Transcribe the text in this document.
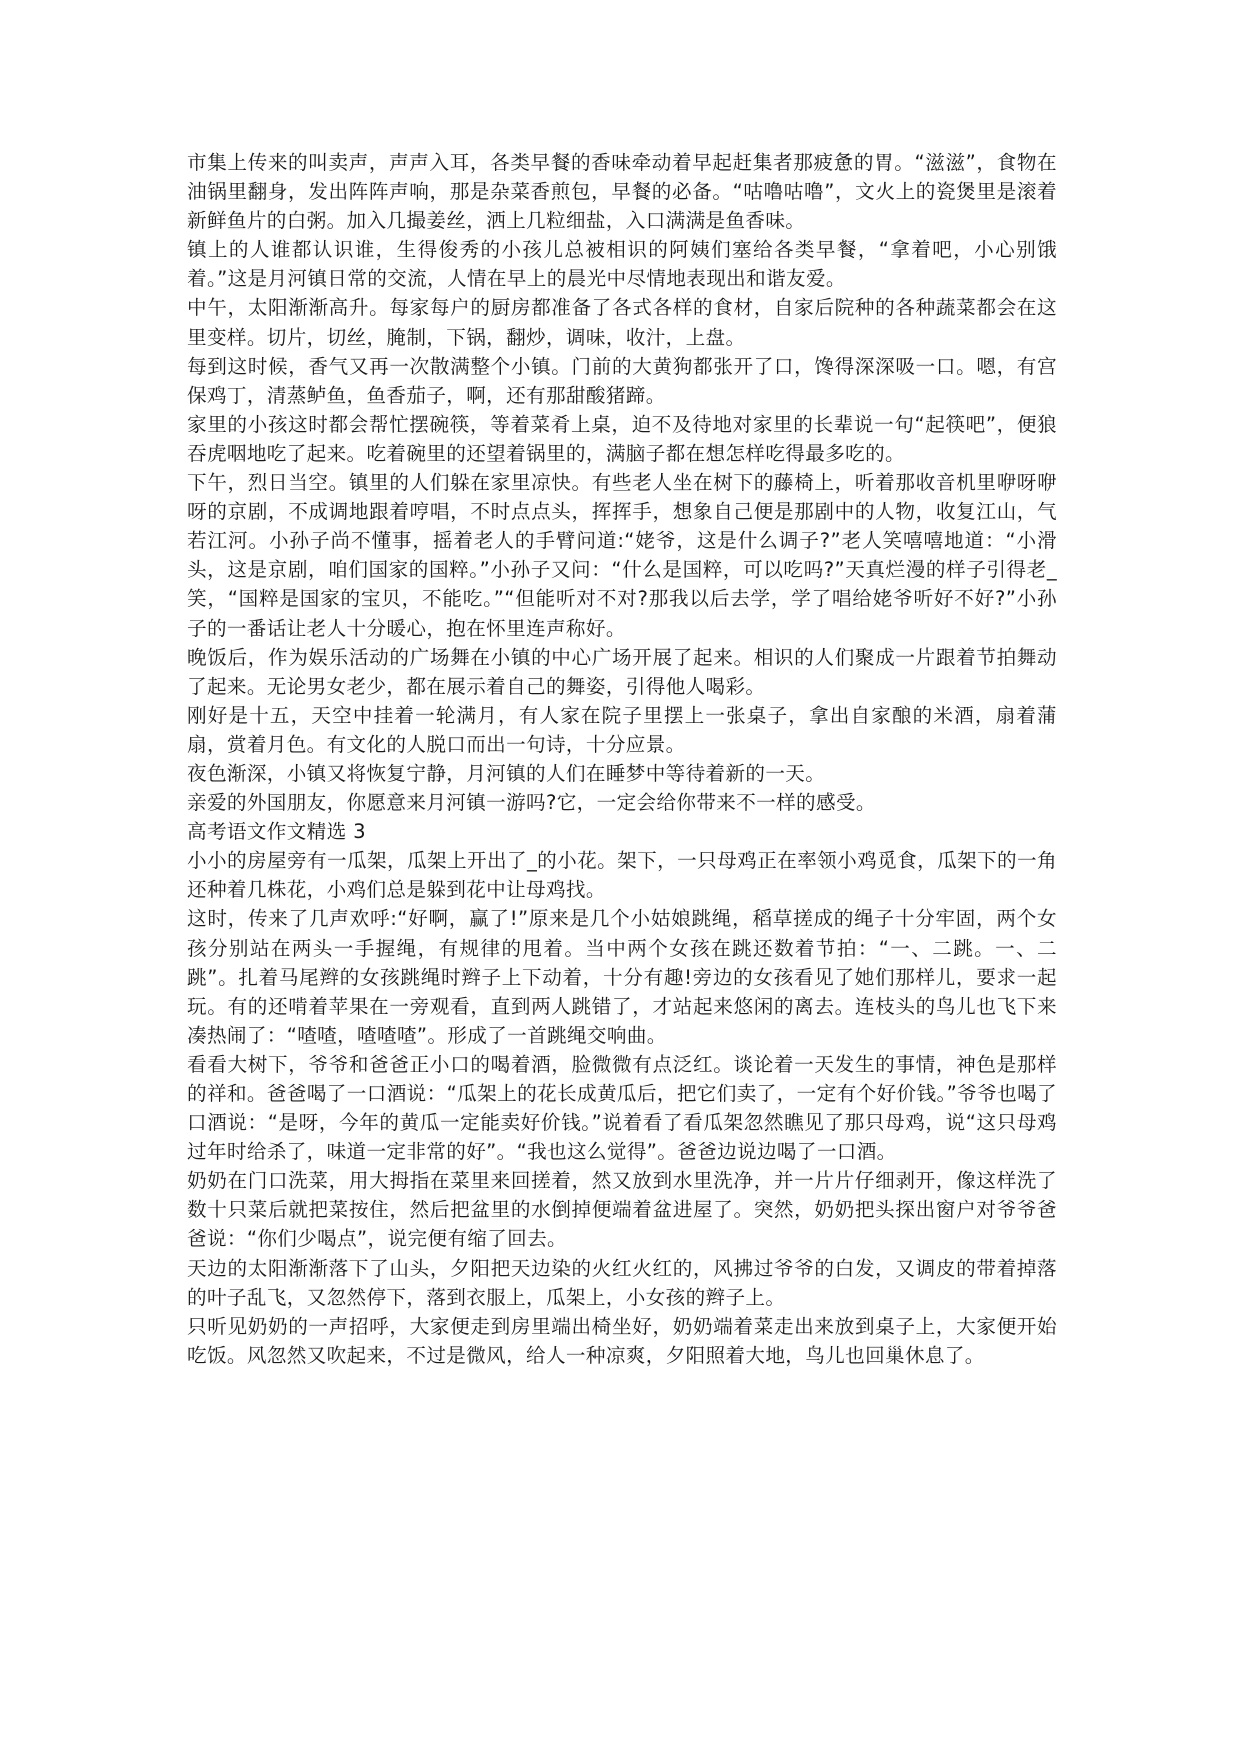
市集上传来的叫卖声，声声入耳，各类早餐的香味牵动着早起赶集者那疲惫的胃。“滋滋”，食物在油锅里翻身，发出阵阵声响，那是杂菜香煎包，早餐的必备。“咕噜咕噜”，文火上的瓷煲里是滚着新鲜鱼片的白粥。加入几撮姜丝，洒上几粒细盐，入口满满是鱼香味。

镇上的人谁都认识谁，生得俊秀的小孩儿总被相识的阿姨们塞给各类早餐，“拿着吧，小心别饿着。”这是月河镇日常的交流，人情在早上的晨光中尽情地表现出和谐友爱。

中午，太阳渐渐高升。每家每户的厨房都准备了各式各样的食材，自家后院种的各种蔬菜都会在这里变样。切片，切丝，腌制，下锅，翻炒，调味，收汁，上盘。

每到这时候，香气又再一次散满整个小镇。门前的大黄狗都张开了口，馋得深深吸一口。嗯，有宫保鸡丁，清蒸鲈鱼，鱼香茄子，啊，还有那甜酸猪蹄。

家里的小孩这时都会帮忙摆碗筷，等着菜肴上桌，迫不及待地对家里的长辈说一句“起筷吧”，便狼吞虎咽地吃了起来。吃着碗里的还望着锅里的，满脑子都在想怎样吃得最多吃的。

下午，烈日当空。镇里的人们躲在家里凉快。有些老人坐在树下的藤椅上，听着那收音机里咿呀咿呀的京剧，不成调地跟着哼唱，不时点点头，挥挥手，想象自己便是那剧中的人物，收复江山，气若江河。小孙子尚不懂事，摇着老人的手臂问道:“姥爷，这是什么调子?”老人笑嘻嘻地道：“小滑头，这是京剧，咱们国家的国粹。”小孙子又问：“什么是国粹，可以吃吗?”天真烂漫的样子引得老_笑，“国粹是国家的宝贝，不能吃。”“但能听对不对?那我以后去学，学了唱给姥爷听好不好?”小孙子的一番话让老人十分暖心，抱在怀里连声称好。

晚饭后，作为娱乐活动的广场舞在小镇的中心广场开展了起来。相识的人们聚成一片跟着节拍舞动了起来。无论男女老少，都在展示着自己的舞姿，引得他人喝彩。

刚好是十五，天空中挂着一轮满月，有人家在院子里摆上一张桌子，拿出自家酿的米酒，扇着蒲扇，赏着月色。有文化的人脱口而出一句诗，十分应景。

夜色渐深，小镇又将恢复宁静，月河镇的人们在睡梦中等待着新的一天。

亲爱的外国朋友，你愿意来月河镇一游吗?它，一定会给你带来不一样的感受。

高考语文作文精选 3

小小的房屋旁有一瓜架，瓜架上开出了_的小花。架下，一只母鸡正在率领小鸡觅食，瓜架下的一角还种着几株花，小鸡们总是躲到花中让母鸡找。

这时，传来了几声欢呼:“好啊，赢了!”原来是几个小姑娘跳绳，稻草搓成的绳子十分牢固，两个女孩分别站在两头一手握绳，有规律的甩着。当中两个女孩在跳还数着节拍：“一、二跳。一、二跳”。扎着马尾辫的女孩跳绳时辫子上下动着，十分有趣!旁边的女孩看见了她们那样儿，要求一起玩。有的还啃着苹果在一旁观看，直到两人跳错了，才站起来悠闲的离去。连枝头的鸟儿也飞下来凑热闹了：“喳喳，喳喳喳”。形成了一首跳绳交响曲。

看看大树下，爷爷和爸爸正小口的喝着酒，脸微微有点泛红。谈论着一天发生的事情，神色是那样的祥和。爸爸喝了一口酒说：“瓜架上的花长成黄瓜后，把它们卖了，一定有个好价钱。”爷爷也喝了口酒说：“是呀，今年的黄瓜一定能卖好价钱。”说着看了看瓜架忽然瞧见了那只母鸡，说“这只母鸡过年时给杀了，味道一定非常的好”。“我也这么觉得”。爸爸边说边喝了一口酒。

奶奶在门口洗菜，用大拇指在菜里来回搓着，然又放到水里洗净，并一片片仔细剥开，像这样洗了数十只菜后就把菜按住，然后把盆里的水倒掉便端着盆进屋了。突然，奶奶把头探出窗户对爷爷爸爸说：“你们少喝点”，说完便有缩了回去。

天边的太阳渐渐落下了山头，夕阳把天边染的火红火红的，风拂过爷爷的白发，又调皮的带着掉落的叶子乱飞，又忽然停下，落到衣服上，瓜架上，小女孩的辫子上。

只听见奶奶的一声招呼，大家便走到房里端出椅坐好，奶奶端着菜走出来放到桌子上，大家便开始吃饭。风忽然又吹起来，不过是微风，给人一种凉爽，夕阳照着大地，鸟儿也回巢休息了。
